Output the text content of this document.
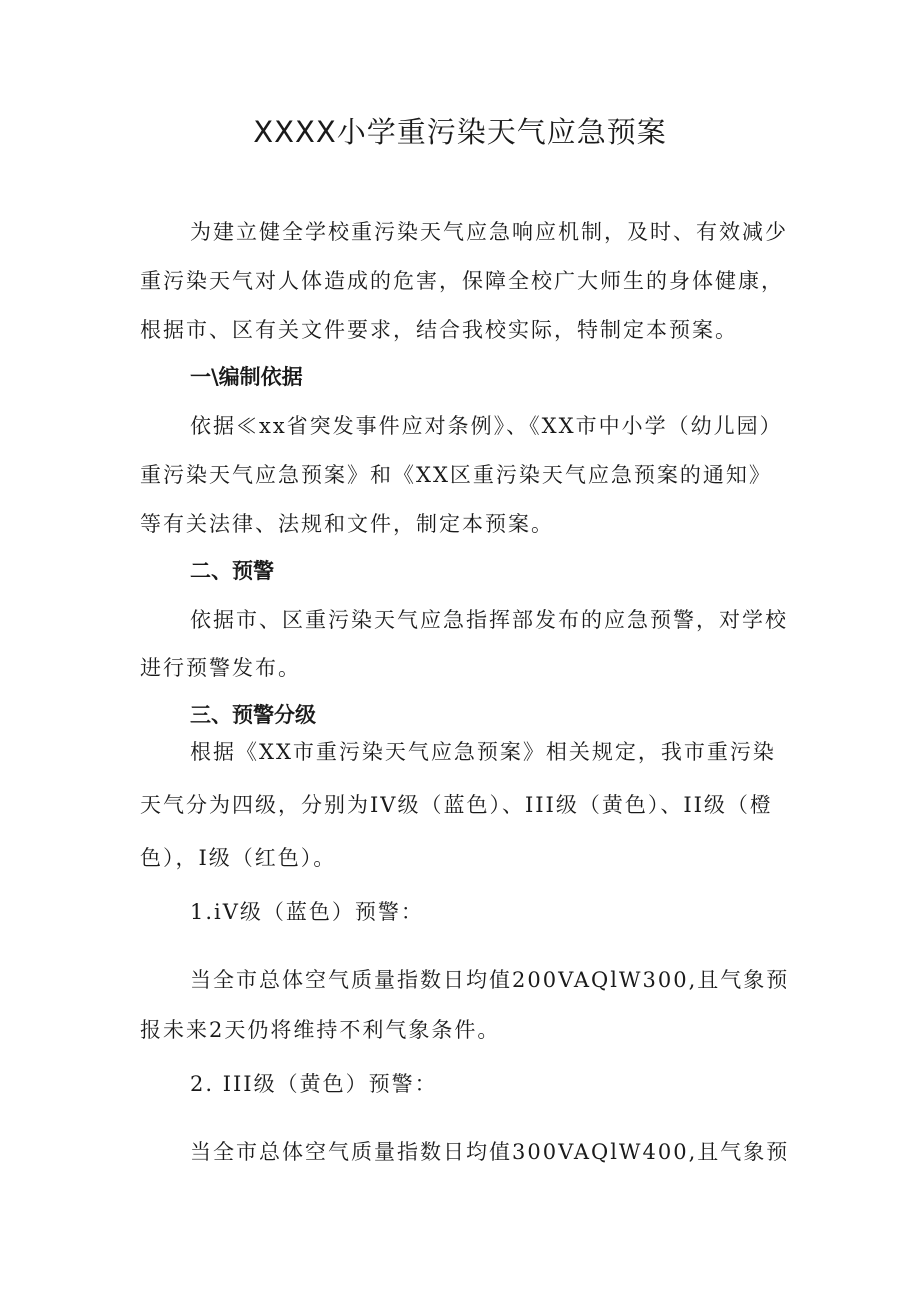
XXXX小学重污染天气应急预案
为建立健全学校重污染天气应急响应机制，及时、有效减少
重污染天气对人体造成的危害，保障全校广大师生的身体健康，
根据市、区有关文件要求，结合我校实际，特制定本预案。
一\编制依据
依据≪xx省突发事件应对条例》、《XX市中小学（幼儿园）
重污染天气应急预案》和《XX区重污染天气应急预案的通知》
等有关法律、法规和文件，制定本预案。
二、预警
依据市、区重污染天气应急指挥部发布的应急预警，对学校
进行预警发布。
三、预警分级
根据《XX市重污染天气应急预案》相关规定，我市重污染
天气分为四级，分别为IV级（蓝色）、III级（黄色）、II级（橙
色），I级（红色）。
1.iV级（蓝色）预警：
当全市总体空气质量指数日均值200VAQlW300,且气象预
报未来2天仍将维持不利气象条件。
2. III级（黄色）预警：
当全市总体空气质量指数日均值300VAQlW400,且气象预
